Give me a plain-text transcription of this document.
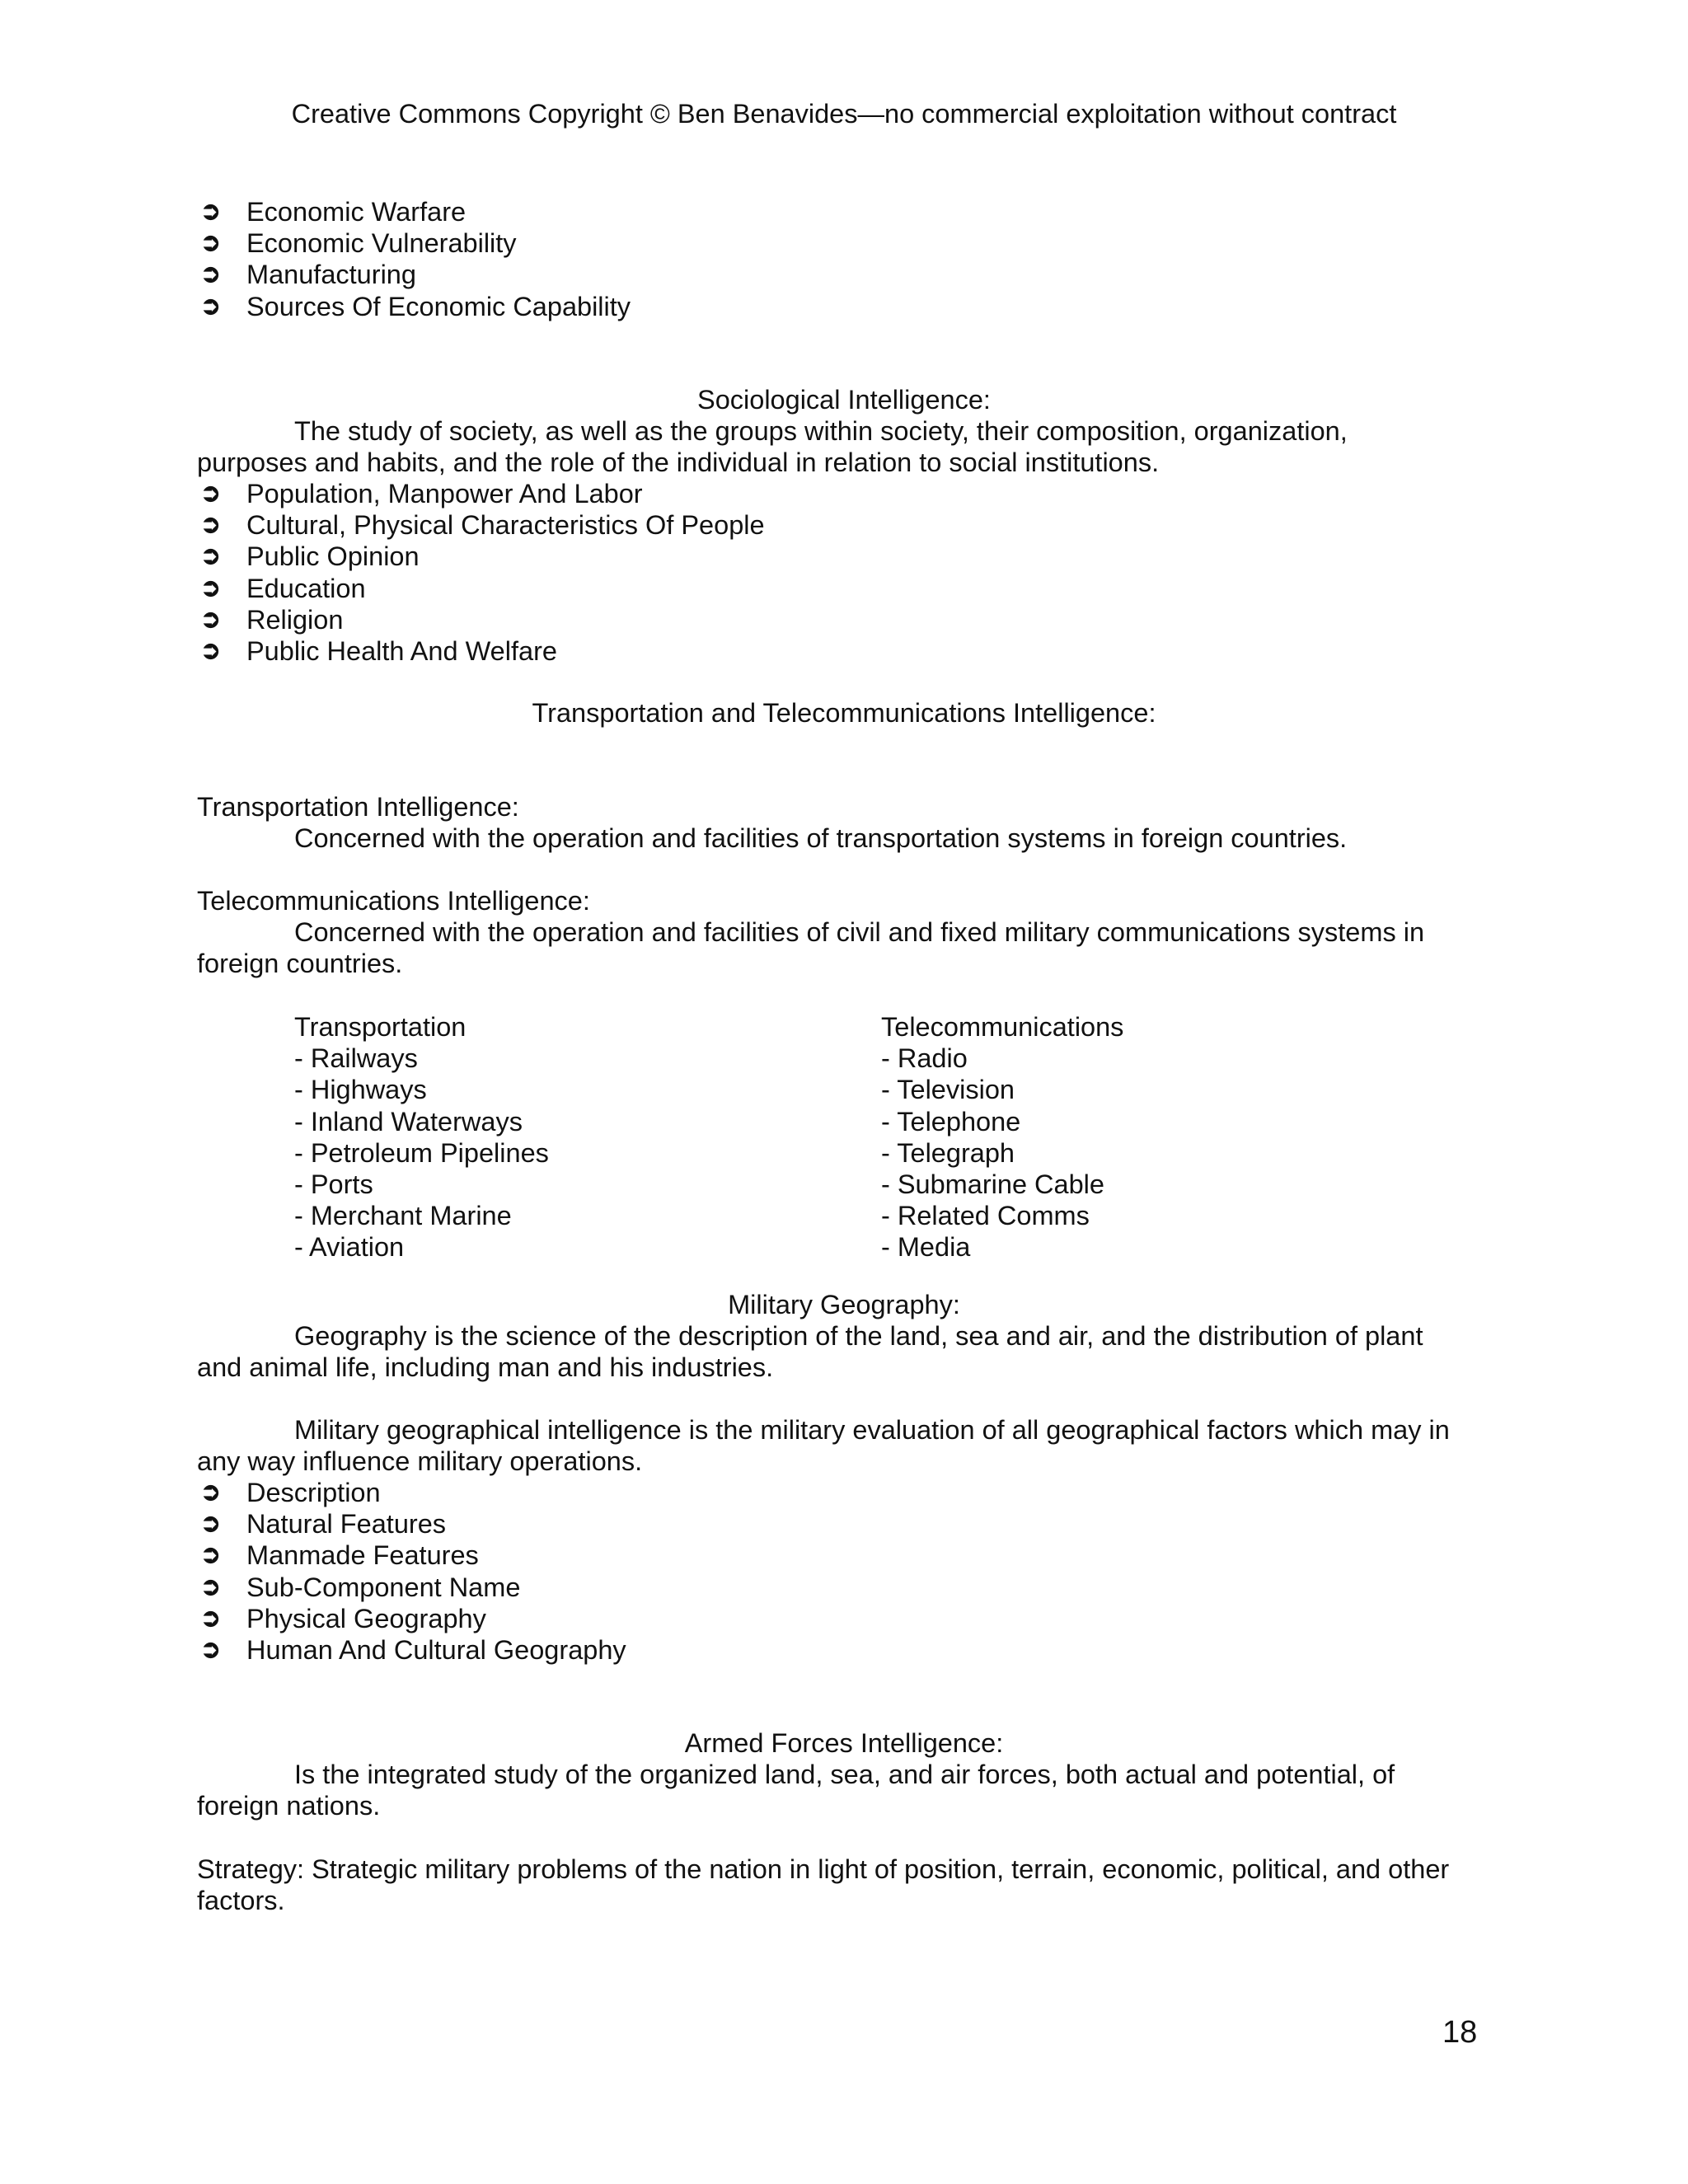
Creative Commons Copyright © Ben Benavides—no commercial exploitation without contract
➲ Economic Warfare
➲ Economic Vulnerability
➲ Manufacturing
➲ Sources Of Economic Capability
Sociological Intelligence:
The study of society, as well as the groups within society, their composition, organization,
purposes and habits, and the role of the individual in relation to social institutions.
➲ Population, Manpower And Labor
➲ Cultural, Physical Characteristics Of People
➲ Public Opinion
➲ Education
➲ Religion
➲ Public Health And Welfare
Transportation and Telecommunications Intelligence:
Transportation Intelligence:
Concerned with the operation and facilities of transportation systems in foreign countries.
Telecommunications Intelligence:
Concerned with the operation and facilities of civil and fixed military communications systems in
foreign countries.
Transportation
- Railways
- Highways
- Inland Waterways
- Petroleum Pipelines
- Ports
- Merchant Marine
- Aviation
Telecommunications
- Radio
- Television
- Telephone
- Telegraph
- Submarine Cable
- Related Comms
- Media
Military Geography:
Geography is the science of the description of the land, sea and air, and the distribution of plant
and animal life, including man and his industries.
Military geographical intelligence is the military evaluation of all geographical factors which may in
any way influence military operations.
➲ Description
➲ Natural Features
➲ Manmade Features
➲ Sub-Component Name
➲ Physical Geography
➲ Human And Cultural Geography
Armed Forces Intelligence:
Is the integrated study of the organized land, sea, and air forces, both actual and potential, of
foreign nations.
Strategy: Strategic military problems of the nation in light of position, terrain, economic, political, and other
factors.
18
